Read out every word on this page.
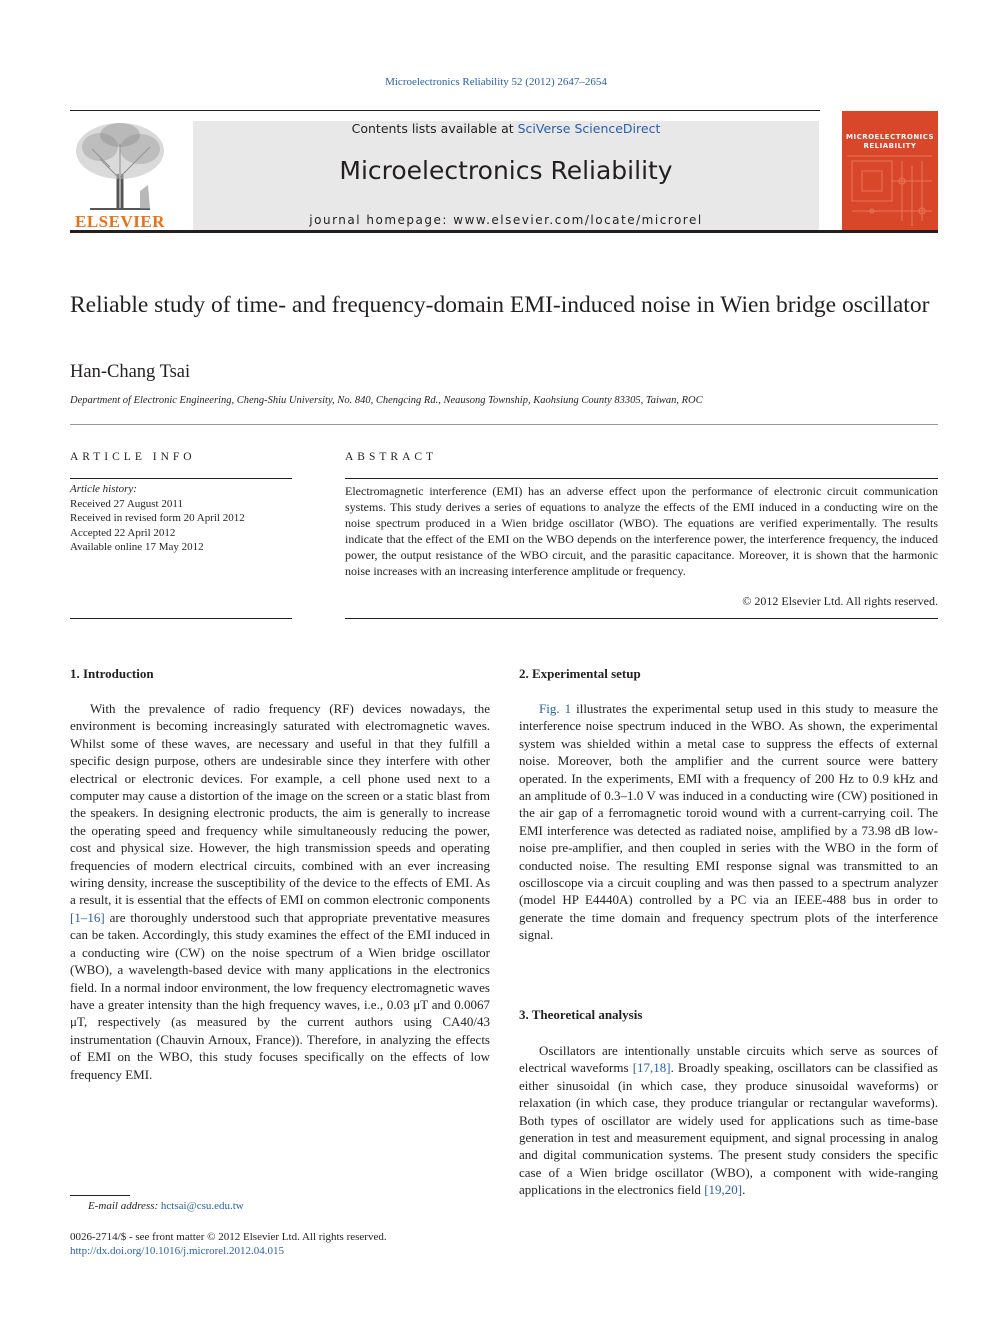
Microelectronics Reliability 52 (2012) 2647–2654
ELSEVIER
Contents lists available at SciVerse ScienceDirect
Microelectronics Reliability
journal homepage: www.elsevier.com/locate/microrel
MICROELECTRONICS
RELIABILITY
Reliable study of time- and frequency-domain EMI-induced noise in Wien bridge oscillator
Han-Chang Tsai
Department of Electronic Engineering, Cheng-Shiu University, No. 840, Chengcing Rd., Neausong Township, Kaohsiung County 83305, Taiwan, ROC
ARTICLE INFO
Article history:
Received 27 August 2011
Received in revised form 20 April 2012
Accepted 22 April 2012
Available online 17 May 2012
ABSTRACT
Electromagnetic interference (EMI) has an adverse effect upon the performance of electronic circuit communication systems. This study derives a series of equations to analyze the effects of the EMI induced in a conducting wire on the noise spectrum produced in a Wien bridge oscillator (WBO). The equations are verified experimentally. The results indicate that the effect of the EMI on the WBO depends on the interference power, the interference frequency, the induced power, the output resistance of the WBO circuit, and the parasitic capacitance. Moreover, it is shown that the harmonic noise increases with an increasing interference amplitude or frequency.
© 2012 Elsevier Ltd. All rights reserved.
1. Introduction

With the prevalence of radio frequency (RF) devices nowadays, the environment is becoming increasingly saturated with electromagnetic waves. Whilst some of these waves, are necessary and useful in that they fulfill a specific design purpose, others are undesirable since they interfere with other electrical or electronic devices. For example, a cell phone used next to a computer may cause a distortion of the image on the screen or a static blast from the speakers. In designing electronic products, the aim is generally to increase the operating speed and frequency while simultaneously reducing the power, cost and physical size. However, the high transmission speeds and operating frequencies of modern electrical circuits, combined with an ever increasing wiring density, increase the susceptibility of the device to the effects of EMI. As a result, it is essential that the effects of EMI on common electronic components [1–16] are thoroughly understood such that appropriate preventative measures can be taken. Accordingly, this study examines the effect of the EMI induced in a conducting wire (CW) on the noise spectrum of a Wien bridge oscillator (WBO), a wavelength-based device with many applications in the electronics field. In a normal indoor environment, the low frequency electromagnetic waves have a greater intensity than the high frequency waves, i.e., 0.03 μT and 0.0067 μT, respectively (as measured by the current authors using CA40/43 instrumentation (Chauvin Arnoux, France)). Therefore, in analyzing the effects of EMI on the WBO, this study focuses specifically on the effects of low frequency EMI.

E-mail address: hctsai@csu.edu.tw
0026-2714/$ - see front matter © 2012 Elsevier Ltd. All rights reserved.
http://dx.doi.org/10.1016/j.microrel.2012.04.015
2. Experimental setup

Fig. 1 illustrates the experimental setup used in this study to measure the interference noise spectrum induced in the WBO. As shown, the experimental system was shielded within a metal case to suppress the effects of external noise. Moreover, both the amplifier and the current source were battery operated. In the experiments, EMI with a frequency of 200 Hz to 0.9 kHz and an amplitude of 0.3–1.0 V was induced in a conducting wire (CW) positioned in the air gap of a ferromagnetic toroid wound with a current-carrying coil. The EMI interference was detected as radiated noise, amplified by a 73.98 dB low-noise pre-amplifier, and then coupled in series with the WBO in the form of conducted noise. The resulting EMI response signal was transmitted to an oscilloscope via a circuit coupling and was then passed to a spectrum analyzer (model HP E4440A) controlled by a PC via an IEEE-488 bus in order to generate the time domain and frequency spectrum plots of the interference signal.

3. Theoretical analysis

Oscillators are intentionally unstable circuits which serve as sources of electrical waveforms [17,18]. Broadly speaking, oscillators can be classified as either sinusoidal (in which case, they produce sinusoidal waveforms) or relaxation (in which case, they produce triangular or rectangular waveforms). Both types of oscillator are widely used for applications such as time-base generation in test and measurement equipment, and signal processing in analog and digital communication systems. The present study considers the specific case of a Wien bridge oscillator (WBO), a component with wide-ranging applications in the electronics field [19,20].
